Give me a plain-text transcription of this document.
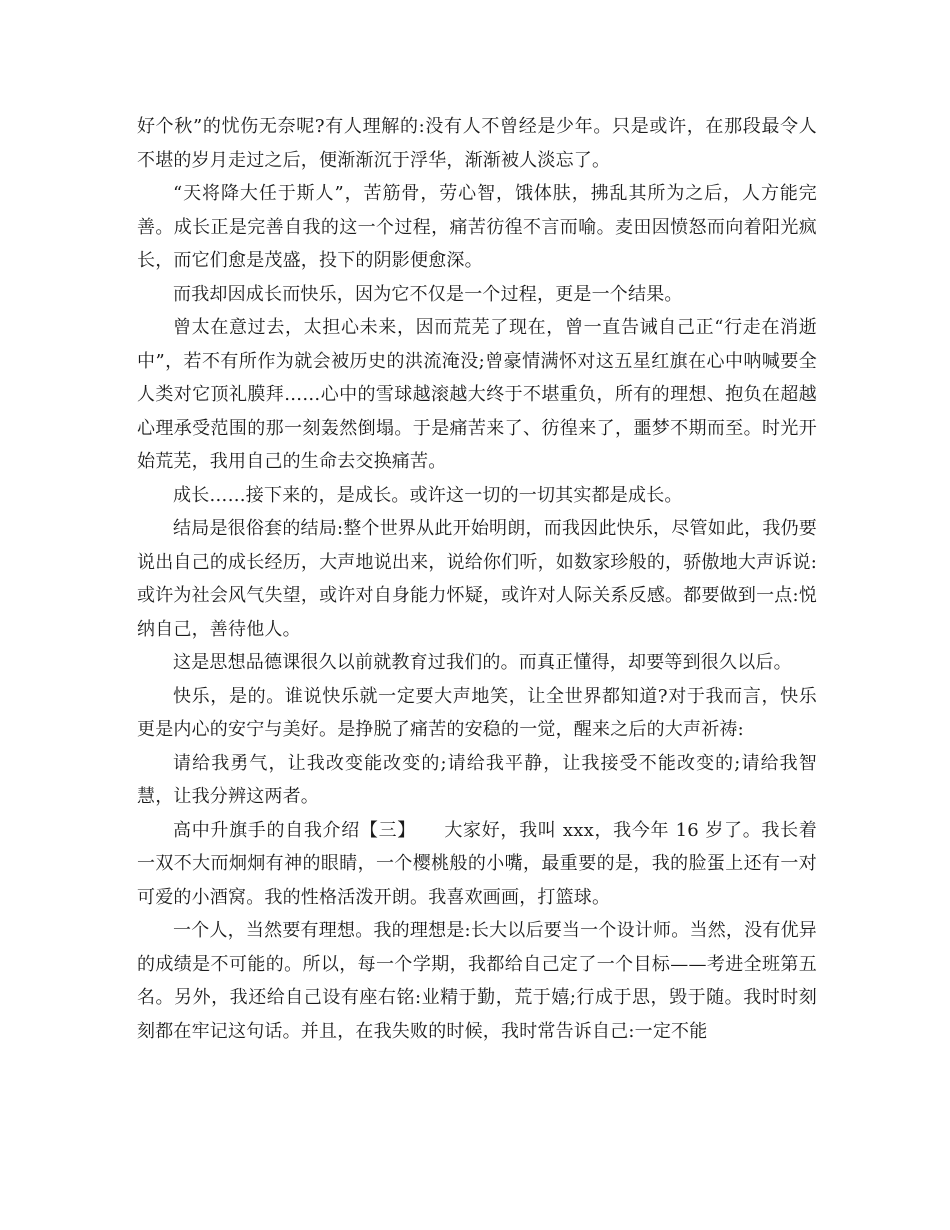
好个秋”的忧伤无奈呢?有人理解的:没有人不曾经是少年。只是或许，在那段最令人不堪的岁月走过之后，便渐渐沉于浮华，渐渐被人淡忘了。

“天将降大任于斯人”，苦筋骨，劳心智，饿体肤，拂乱其所为之后，人方能完善。成长正是完善自我的这一个过程，痛苦彷徨不言而喻。麦田因愤怒而向着阳光疯长，而它们愈是茂盛，投下的阴影便愈深。

而我却因成长而快乐，因为它不仅是一个过程，更是一个结果。

曾太在意过去，太担心未来，因而荒芜了现在，曾一直告诫自己正“行走在消逝中”，若不有所作为就会被历史的洪流淹没;曾豪情满怀对这五星红旗在心中呐喊要全人类对它顶礼膜拜……心中的雪球越滚越大终于不堪重负，所有的理想、抱负在超越心理承受范围的那一刻轰然倒塌。于是痛苦来了、彷徨来了，噩梦不期而至。时光开始荒芜，我用自己的生命去交换痛苦。

成长……接下来的，是成长。或许这一切的一切其实都是成长。

结局是很俗套的结局:整个世界从此开始明朗，而我因此快乐，尽管如此，我仍要说出自己的成长经历，大声地说出来，说给你们听，如数家珍般的，骄傲地大声诉说:或许为社会风气失望，或许对自身能力怀疑，或许对人际关系反感。都要做到一点:悦纳自己，善待他人。

这是思想品德课很久以前就教育过我们的。而真正懂得，却要等到很久以后。

快乐，是的。谁说快乐就一定要大声地笑，让全世界都知道?对于我而言，快乐更是内心的安宁与美好。是挣脱了痛苦的安稳的一觉，醒来之后的大声祈祷:

请给我勇气，让我改变能改变的;请给我平静，让我接受不能改变的;请给我智慧，让我分辨这两者。

高中升旗手的自我介绍【三】　　大家好，我叫 xxx，我今年 16 岁了。我长着一双不大而炯炯有神的眼睛，一个樱桃般的小嘴，最重要的是，我的脸蛋上还有一对可爱的小酒窝。我的性格活泼开朗。我喜欢画画，打篮球。

一个人，当然要有理想。我的理想是:长大以后要当一个设计师。当然，没有优异的成绩是不可能的。所以，每一个学期，我都给自己定了一个目标——考进全班第五名。另外，我还给自己设有座右铭:业精于勤，荒于嬉;行成于思，毁于随。我时时刻刻都在牢记这句话。并且，在我失败的时候，我时常告诉自己:一定不能
